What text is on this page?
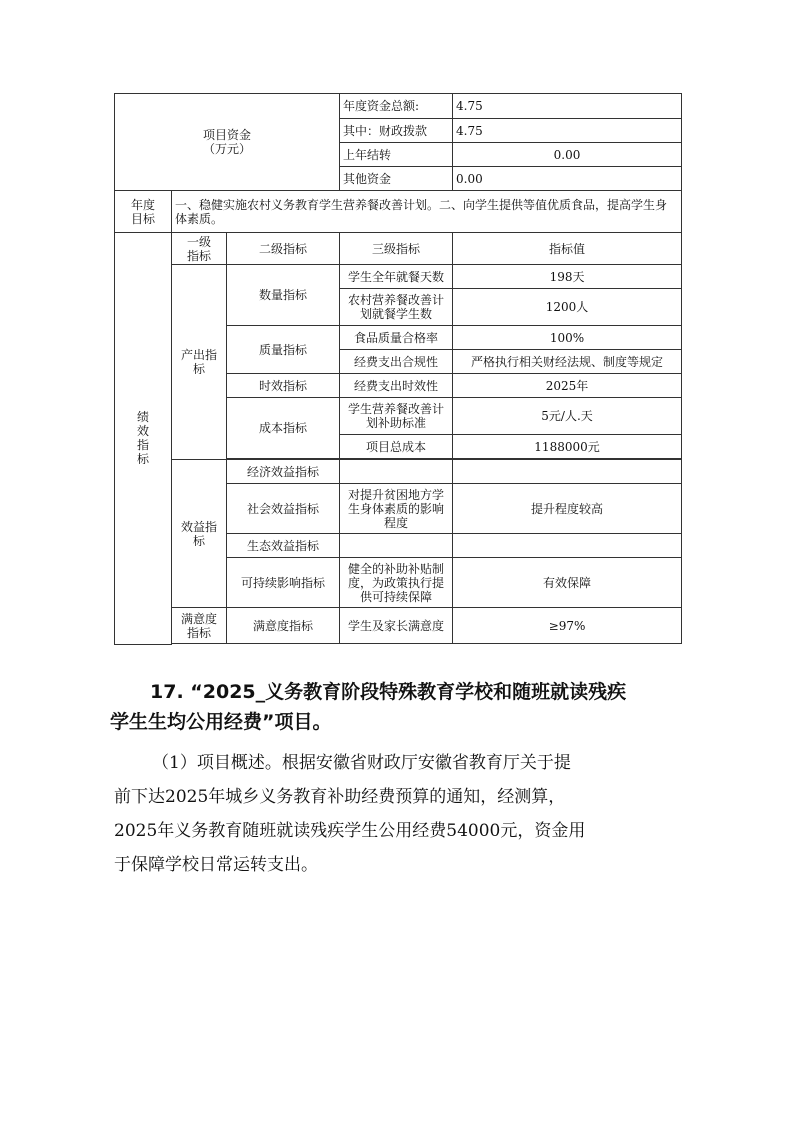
项目资金
（万元）			年度资金总额:	4.75
			其中：财政拨款	4.75
			上年结转	0.00
			其他资金	0.00
年度
目标	一、稳健实施农村义务教育学生营养餐改善计划。二、向学生提供等值优质食品，提高学生身体素质。			
绩
效
指
标	一级
指标	二级指标	三级指标	指标值
	产出指
标	数量指标	学生全年就餐天数	198天
			农村营养餐改善计
划就餐学生数	1200人
		质量指标	食品质量合格率	100%
			经费支出合规性	严格执行相关财经法规、制度等规定
		时效指标	经费支出时效性	2025年
		成本指标	学生营养餐改善计
划补助标准	5元/人.天
			项目总成本	1188000元

	效益指
标	经济效益指标		
		社会效益指标	对提升贫困地方学
生身体素质的影响
程度	提升程度较高
		生态效益指标		
		可持续影响指标	健全的补助补贴制
度，为政策执行提
供可持续保障	有效保障
	满意度
指标	满意度指标	学生及家长满意度	≥97%

17. “2025_义务教育阶段特殊教育学校和随班就读残疾
学生生均公用经费”项目。
（1）项目概述。根据安徽省财政厅安徽省教育厅关于提
前下达2025年城乡义务教育补助经费预算的通知，经测算，
2025年义务教育随班就读残疾学生公用经费54000元，资金用
于保障学校日常运转支出。
